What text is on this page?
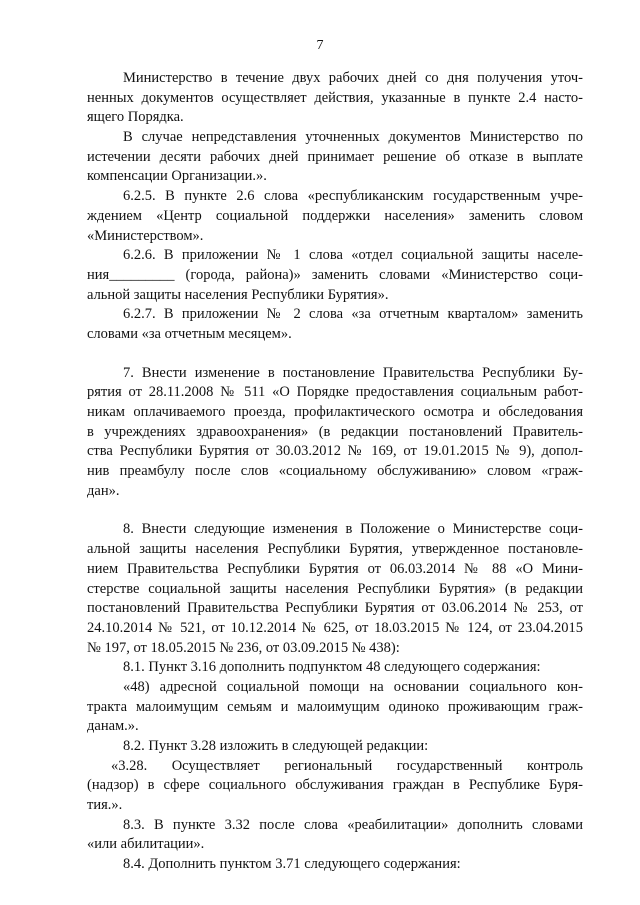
7
Министерство в течение двух рабочих дней со дня получения уточ-
ненных документов осуществляет действия, указанные в пункте 2.4 насто-
ящего Порядка.
В случае непредставления уточненных документов Министерство по
истечении десяти рабочих дней принимает решение об отказе в выплате
компенсации Организации.».
6.2.5. В пункте 2.6 слова «республиканским государственным учре-
ждением «Центр социальной поддержки населения» заменить словом
«Министерством».
6.2.6. В приложении № 1 слова «отдел социальной защиты населе-
ния_________ (города, района)» заменить словами «Министерство соци-
альной защиты населения Республики Бурятия».
6.2.7. В приложении № 2 слова «за отчетным кварталом» заменить
словами «за отчетным месяцем».
7. Внести изменение в постановление Правительства Республики Бу-
рятия от 28.11.2008 № 511 «О Порядке предоставления социальным работ-
никам оплачиваемого проезда, профилактического осмотра и обследования
в учреждениях здравоохранения» (в редакции постановлений Правитель-
ства Республики Бурятия от 30.03.2012 № 169, от 19.01.2015 № 9), допол-
нив преамбулу после слов «социальному обслуживанию» словом «граж-
дан».
8. Внести следующие изменения в Положение о Министерстве соци-
альной защиты населения Республики Бурятия, утвержденное постановле-
нием Правительства Республики Бурятия от 06.03.2014 № 88 «О Мини-
стерстве социальной защиты населения Республики Бурятия» (в редакции
постановлений Правительства Республики Бурятия от 03.06.2014 № 253, от
24.10.2014 № 521, от 10.12.2014 № 625, от 18.03.2015 № 124, от 23.04.2015
№ 197, от 18.05.2015 № 236, от 03.09.2015 № 438):
8.1. Пункт 3.16 дополнить подпунктом 48 следующего содержания:
«48) адресной социальной помощи на основании социального кон-
тракта малоимущим семьям и малоимущим одиноко проживающим граж-
данам.».
8.2. Пункт 3.28 изложить в следующей редакции:
«3.28. Осуществляет региональный государственный контроль
(надзор) в сфере социального обслуживания граждан в Республике Буря-
тия.».
8.3. В пункте 3.32 после слова «реабилитации» дополнить словами
«или абилитации».
8.4. Дополнить пунктом 3.71 следующего содержания:
